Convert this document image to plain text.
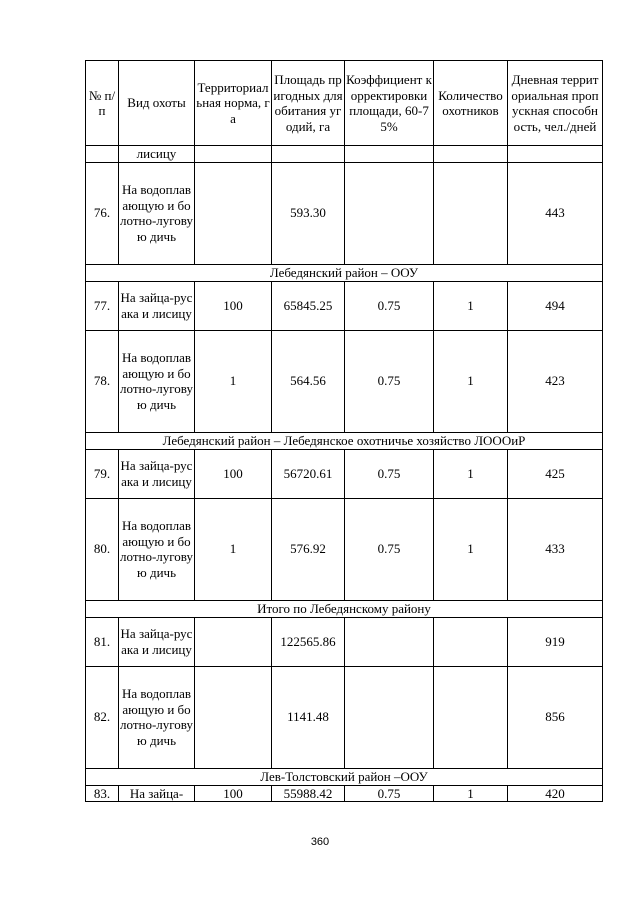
№ п/п	Вид охоты	Территориальная норма, га	Площадь пригодных для обитания угодий, га	Коэффициент корректировки площади, 60-75%	Количество охотников	Дневная территориальная пропускная способность, чел./дней
	лисицу					
76.	На водоплавающую и болотно-луговую дичь		593.30			443
Лебедянский район – ООУ						
77.	На зайца-русака и лисицу	100	65845.25	0.75	1	494
78.	На водоплавающую и болотно-луговую дичь	1	564.56	0.75	1	423
Лебедянский район – Лебедянское охотничье хозяйство ЛОООиР						
79.	На зайца-русака и лисицу	100	56720.61	0.75	1	425
80.	На водоплавающую и болотно-луговую дичь	1	576.92	0.75	1	433
Итого по Лебедянскому району						
81.	На зайца-русака и лисицу		122565.86			919
82.	На водоплавающую и болотно-луговую дичь		1141.48			856
Лев-Толстовский район –ООУ						
83.	На зайца-	100	55988.42	0.75	1	420
360
